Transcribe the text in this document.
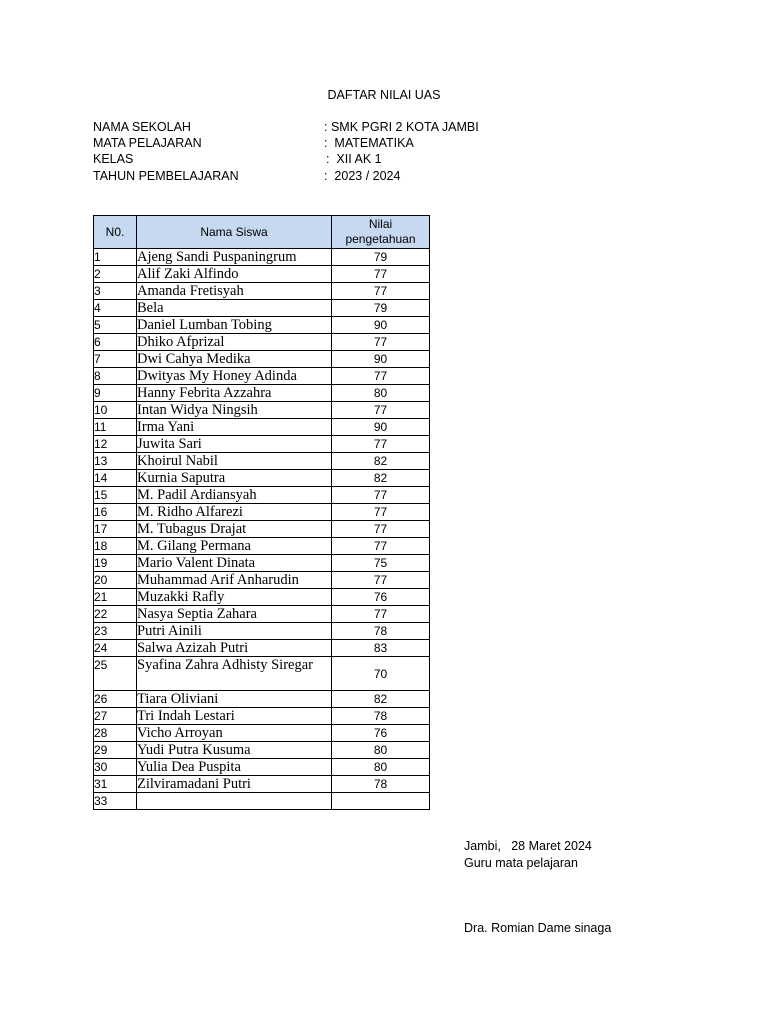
DAFTAR NILAI UAS

NAMA SEKOLAH

	: SMK PGRI 2 KOTA JAMBI

MATA PELAJARAN

	:  MATEMATIKA

KELAS

	:  XII AK 1

TAHUN PEMBELAJARAN

	:  2023 / 2024

N0.	Nama Siswa	Nilai
pengetahuan

1	Ajeng Sandi Puspaningrum	79
2	Alif Zaki Alfindo	77
3	Amanda Fretisyah	77
4	Bela	79
5	Daniel Lumban Tobing	90
6	Dhiko Afprizal	77
7	Dwi Cahya Medika	90
8	Dwityas My Honey Adinda	77
9	Hanny Febrita Azzahra	80
10	Intan Widya Ningsih	77
11	Irma Yani	90
12	Juwita Sari	77
13	Khoirul Nabil	82
14	Kurnia Saputra	82
15	M. Padil Ardiansyah	77
16	M. Ridho Alfarezi	77
17	M. Tubagus Drajat	77
18	M. Gilang Permana	77
19	Mario Valent Dinata	75
20	Muhammad Arif Anharudin	77
21	Muzakki Rafly	76
22	Nasya Septia Zahara	77
23	Putri Ainili	78
24	Salwa Azizah Putri	83
25	Syafina Zahra Adhisty Siregar	70
26	Tiara Oliviani	82
27	Tri Indah Lestari	78
28	Vicho Arroyan	76
29	Yudi Putra Kusuma	80
30	Yulia Dea Puspita	80
31	Zilviramadani Putri	78
33		
Jambi,   28 Maret 2024
Guru mata pelajaran
Dra. Romian Dame sinaga
